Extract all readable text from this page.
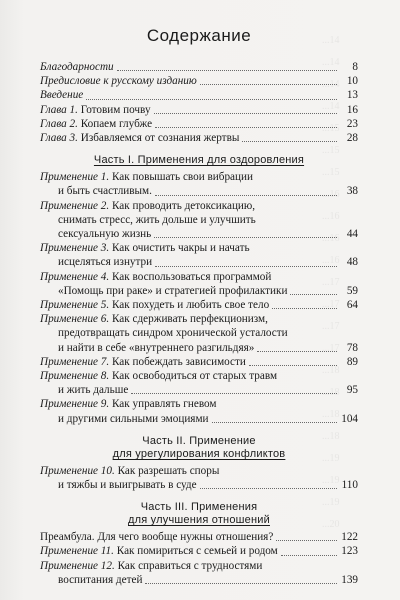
...14
...14
...14
...14
...15
...15
...15
...16
...16
...16
...16
...17
...17
...17
...17
...18
...18
...18
...18
...19
...19
...19
...20
Содержание
Благодарности	8
Предисловие к русскому изданию	10
Введение	13
Глава 1. Готовим почву	16
Глава 2. Копаем глубже	23
Глава 3. Избавляемся от сознания жертвы	28
Часть I. Применения для оздоровления
Применение 1. Как повышать свои вибрации
и быть счастливым.	38
Применение 2. Как проводить детоксикацию,
снимать стресс, жить дольше и улучшить
сексуальную жизнь	44
Применение 3. Как очистить чакры и начать
исцеляться изнутри	48
Применение 4. Как воспользоваться программой
«Помощь при раке» и стратегией профилактики	59
Применение 5. Как похудеть и любить свое тело	64
Применение 6. Как сдерживать перфекционизм,
предотвращать синдром хронической усталости
и найти в себе «внутреннего разгильдяя»	78
Применение 7. Как побеждать зависимости	89
Применение 8. Как освободиться от старых травм
и жить дальше	95
Применение 9. Как управлять гневом
и другими сильными эмоциями	104
Часть II. Применение
для урегулирования конфликтов
Применение 10. Как разрешать споры
и тяжбы и выигрывать в суде	110
Часть III. Применения
для улучшения отношений
Преамбула. Для чего вообще нужны отношения?	122
Применение 11. Как помириться с семьей и родом	123
Применение 12. Как справиться с трудностями
воспитания детей	139
